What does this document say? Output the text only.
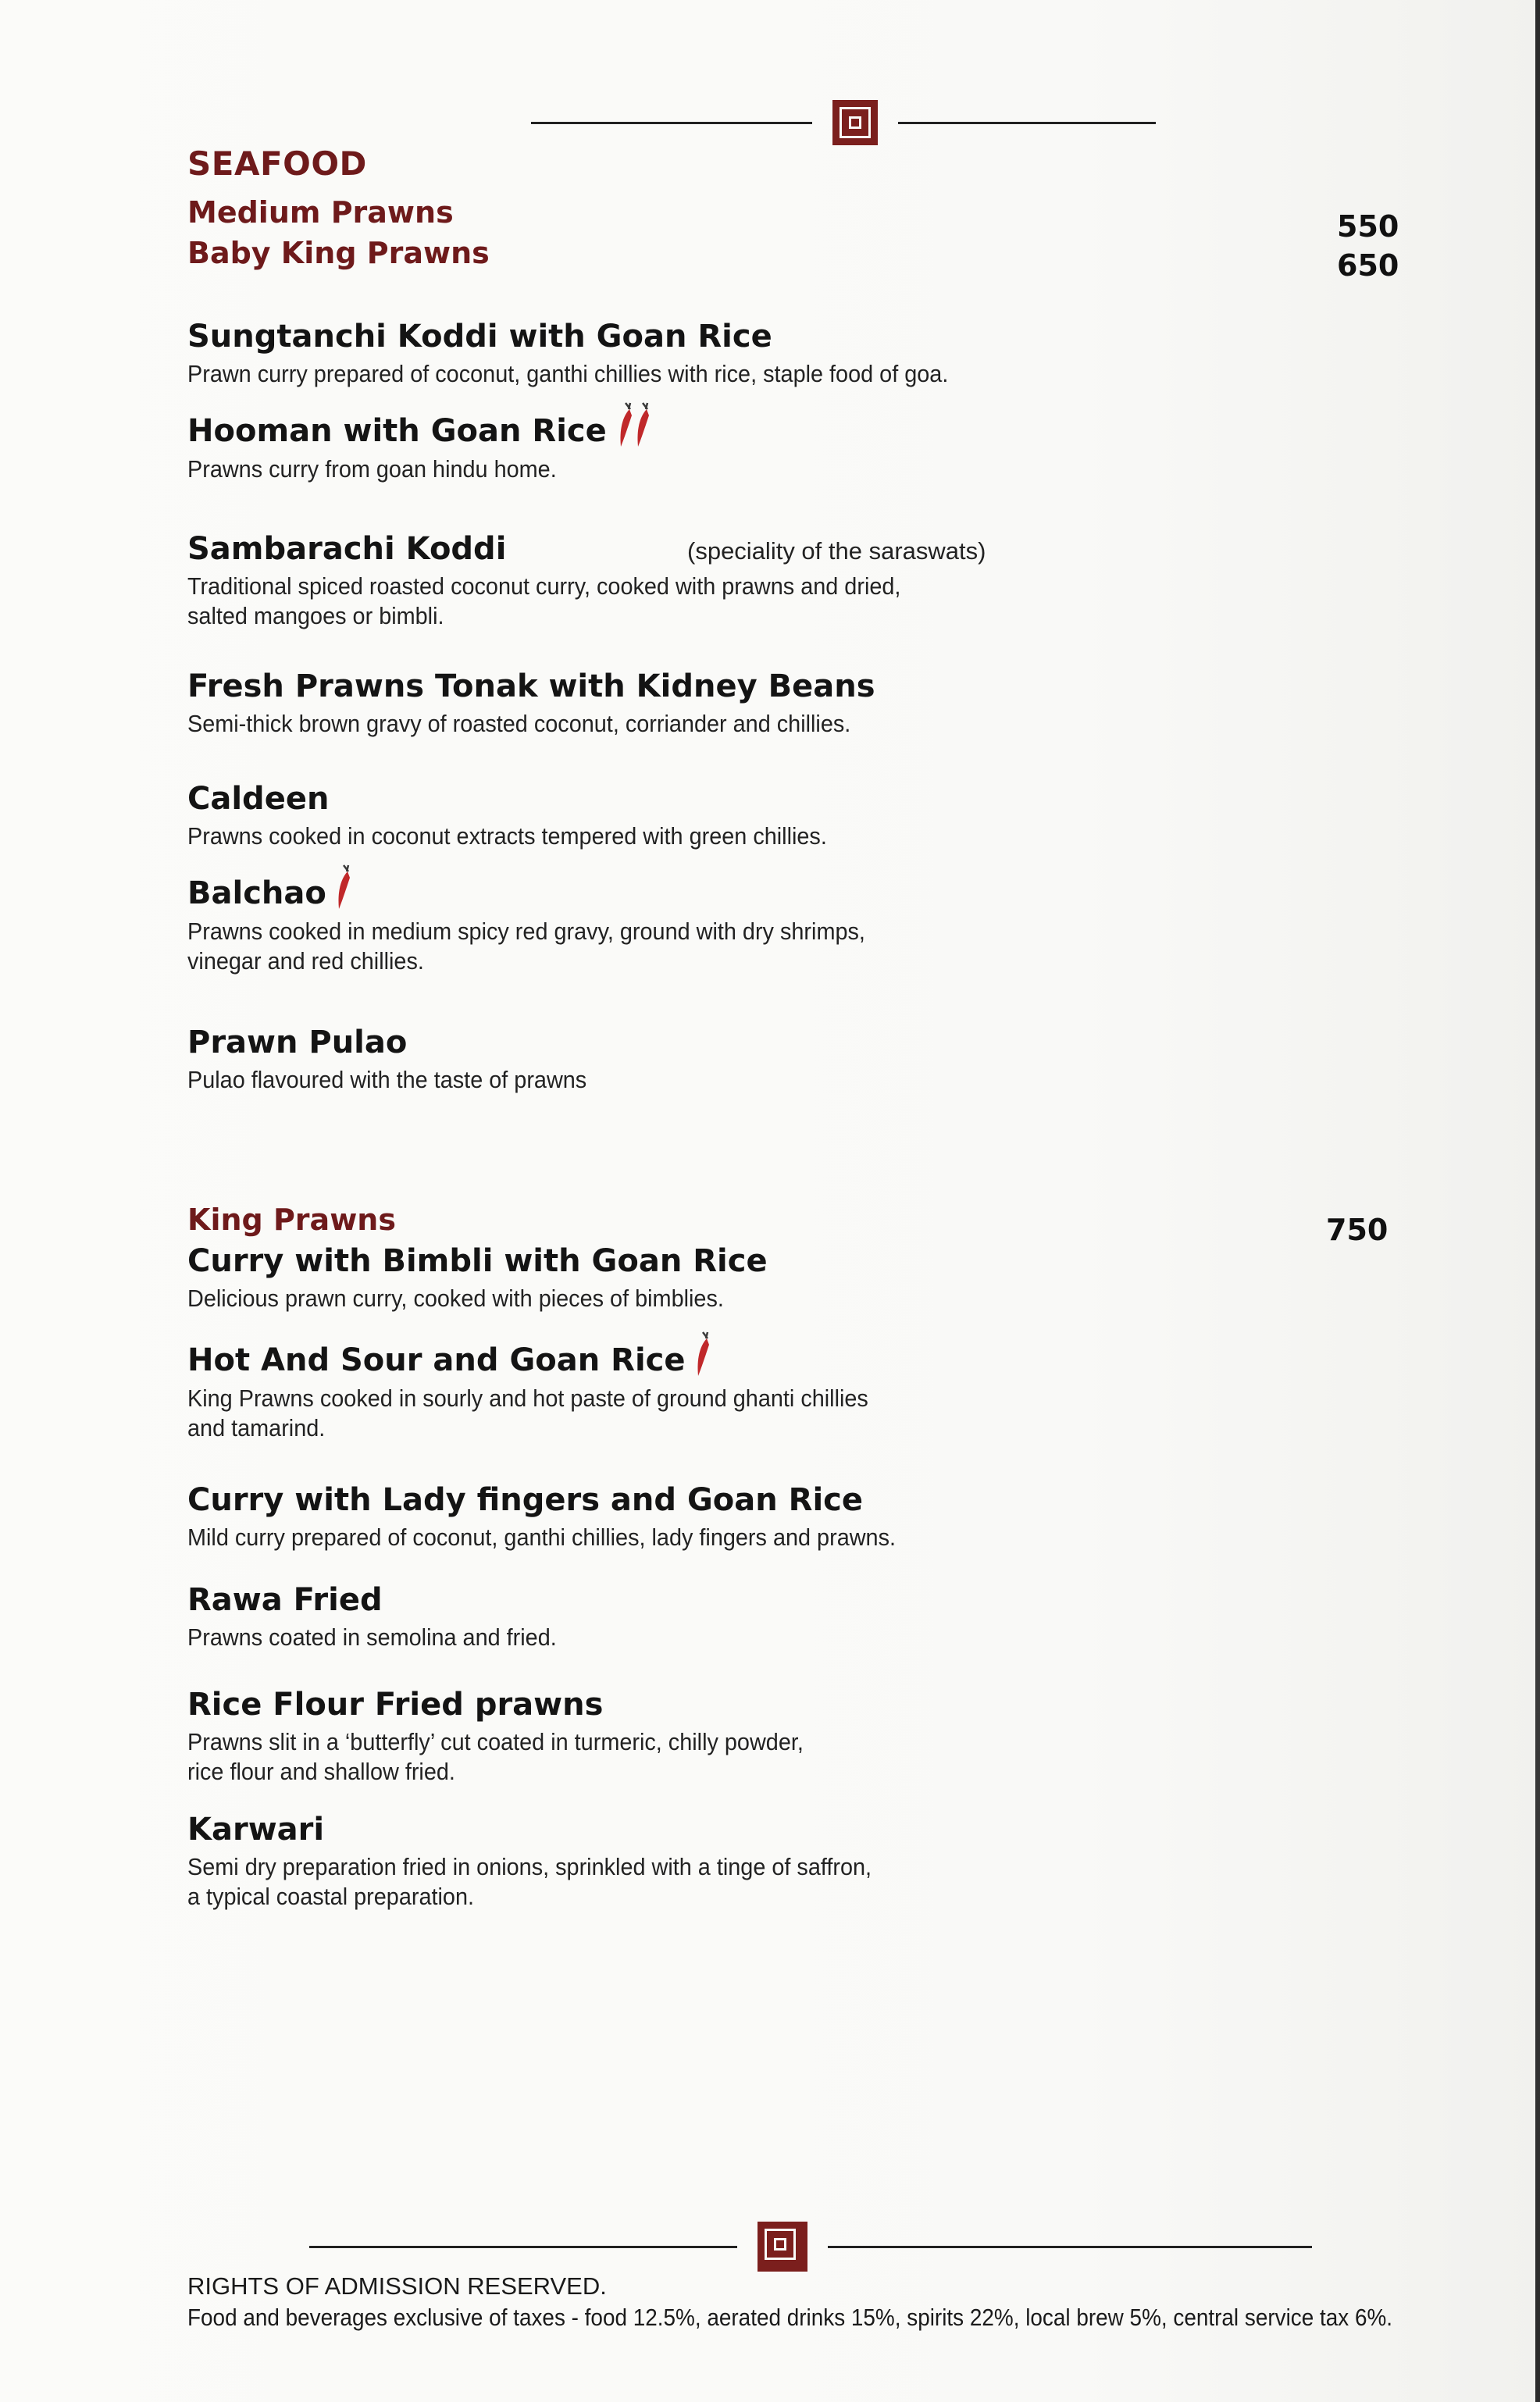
SEAFOOD
Medium Prawns	550
Baby King Prawns	650
Sungtanchi Koddi with Goan Rice
Prawn curry prepared of coconut, ganthi chillies with rice, staple food of goa.
Hooman with Goan Rice
Prawns curry from goan hindu home.
Sambarachi Koddi
Traditional spiced roasted coconut curry, cooked with prawns and dried,
salted mangoes or bimbli.
(speciality of the saraswats)
Fresh Prawns Tonak with Kidney Beans
Semi-thick brown gravy of roasted coconut, corriander and chillies.
Caldeen
Prawns cooked in coconut extracts tempered with green chillies.
Balchao
Prawns cooked in medium spicy red gravy, ground with dry shrimps,
vinegar and red chillies.
Prawn Pulao
Pulao flavoured with the taste of prawns
King Prawns	750
Curry with Bimbli with Goan Rice
Delicious prawn curry, cooked with pieces of bimblies.
Hot And Sour and Goan Rice
King Prawns cooked in sourly and hot paste of ground ghanti chillies
and tamarind.
Curry with Lady fingers and Goan Rice
Mild curry prepared of coconut, ganthi chillies, lady fingers and prawns.
Rawa Fried
Prawns coated in semolina and fried.
Rice Flour Fried prawns
Prawns slit in a ‘butterfly’ cut coated in turmeric, chilly powder,
rice flour and shallow fried.
Karwari
Semi dry preparation fried in onions, sprinkled with a tinge of saffron,
a typical coastal preparation.
RIGHTS OF ADMISSION RESERVED.
Food and beverages exclusive of taxes - food 12.5%, aerated drinks 15%, spirits 22%, local brew 5%, central service tax 6%.
